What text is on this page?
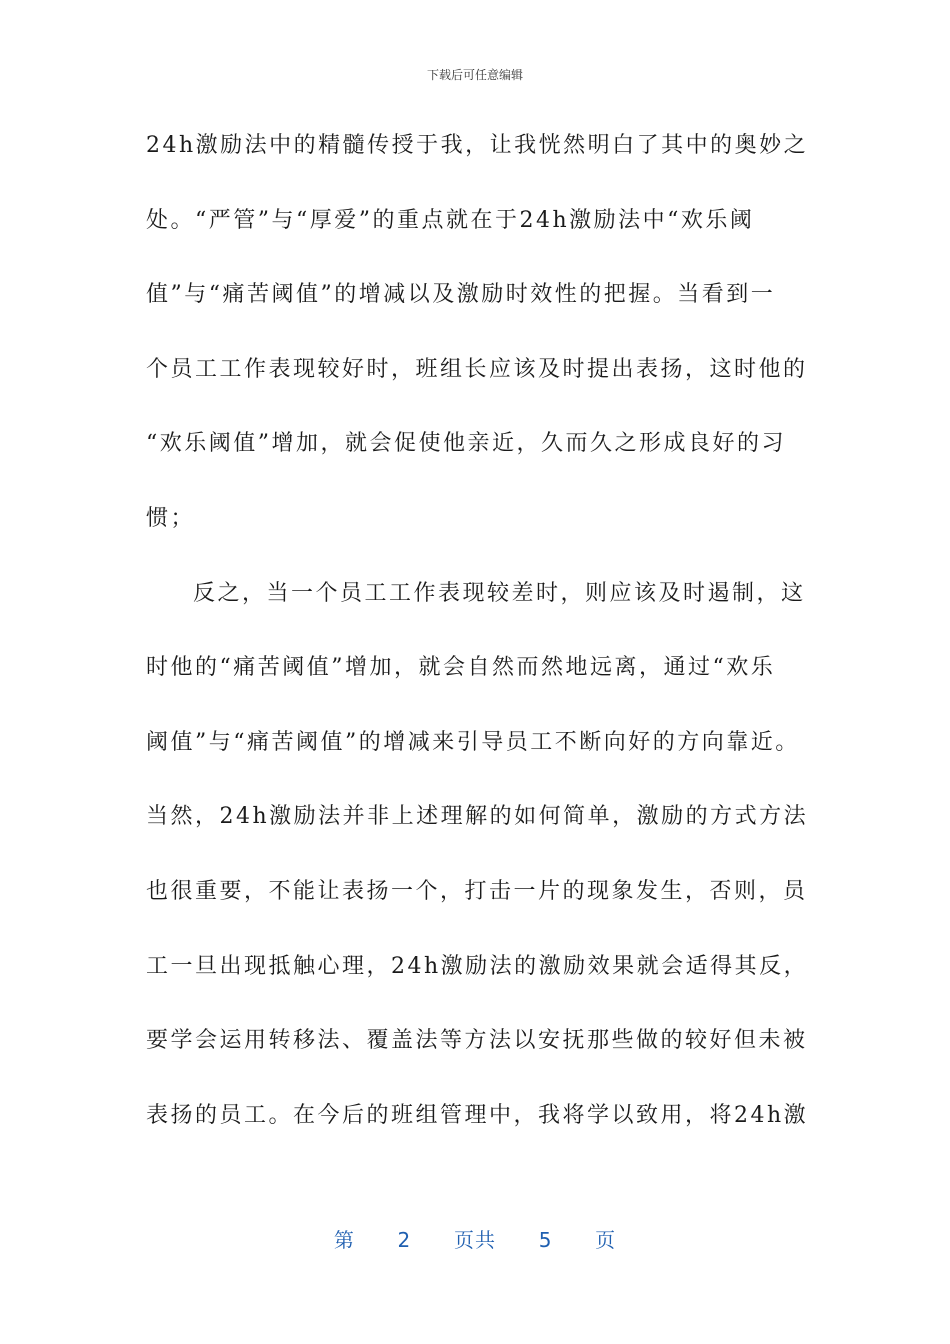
下载后可任意编辑
24h激励法中的精髓传授于我，让我恍然明白了其中的奥妙之
处。“严管”与“厚爱”的重点就在于24h激励法中“欢乐阈
值”与“痛苦阈值”的增减以及激励时效性的把握。当看到一
个员工工作表现较好时，班组长应该及时提出表扬，这时他的
“欢乐阈值”增加，就会促使他亲近，久而久之形成良好的习
惯；
反之，当一个员工工作表现较差时，则应该及时遏制，这
时他的“痛苦阈值”增加，就会自然而然地远离，通过“欢乐
阈值”与“痛苦阈值”的增减来引导员工不断向好的方向靠近。
当然，24h激励法并非上述理解的如何简单，激励的方式方法
也很重要，不能让表扬一个，打击一片的现象发生，否则，员
工一旦出现抵触心理，24h激励法的激励效果就会适得其反，
要学会运用转移法、覆盖法等方法以安抚那些做的较好但未被
表扬的员工。在今后的班组管理中，我将学以致用，将24h激
第 2 页共 5 页
